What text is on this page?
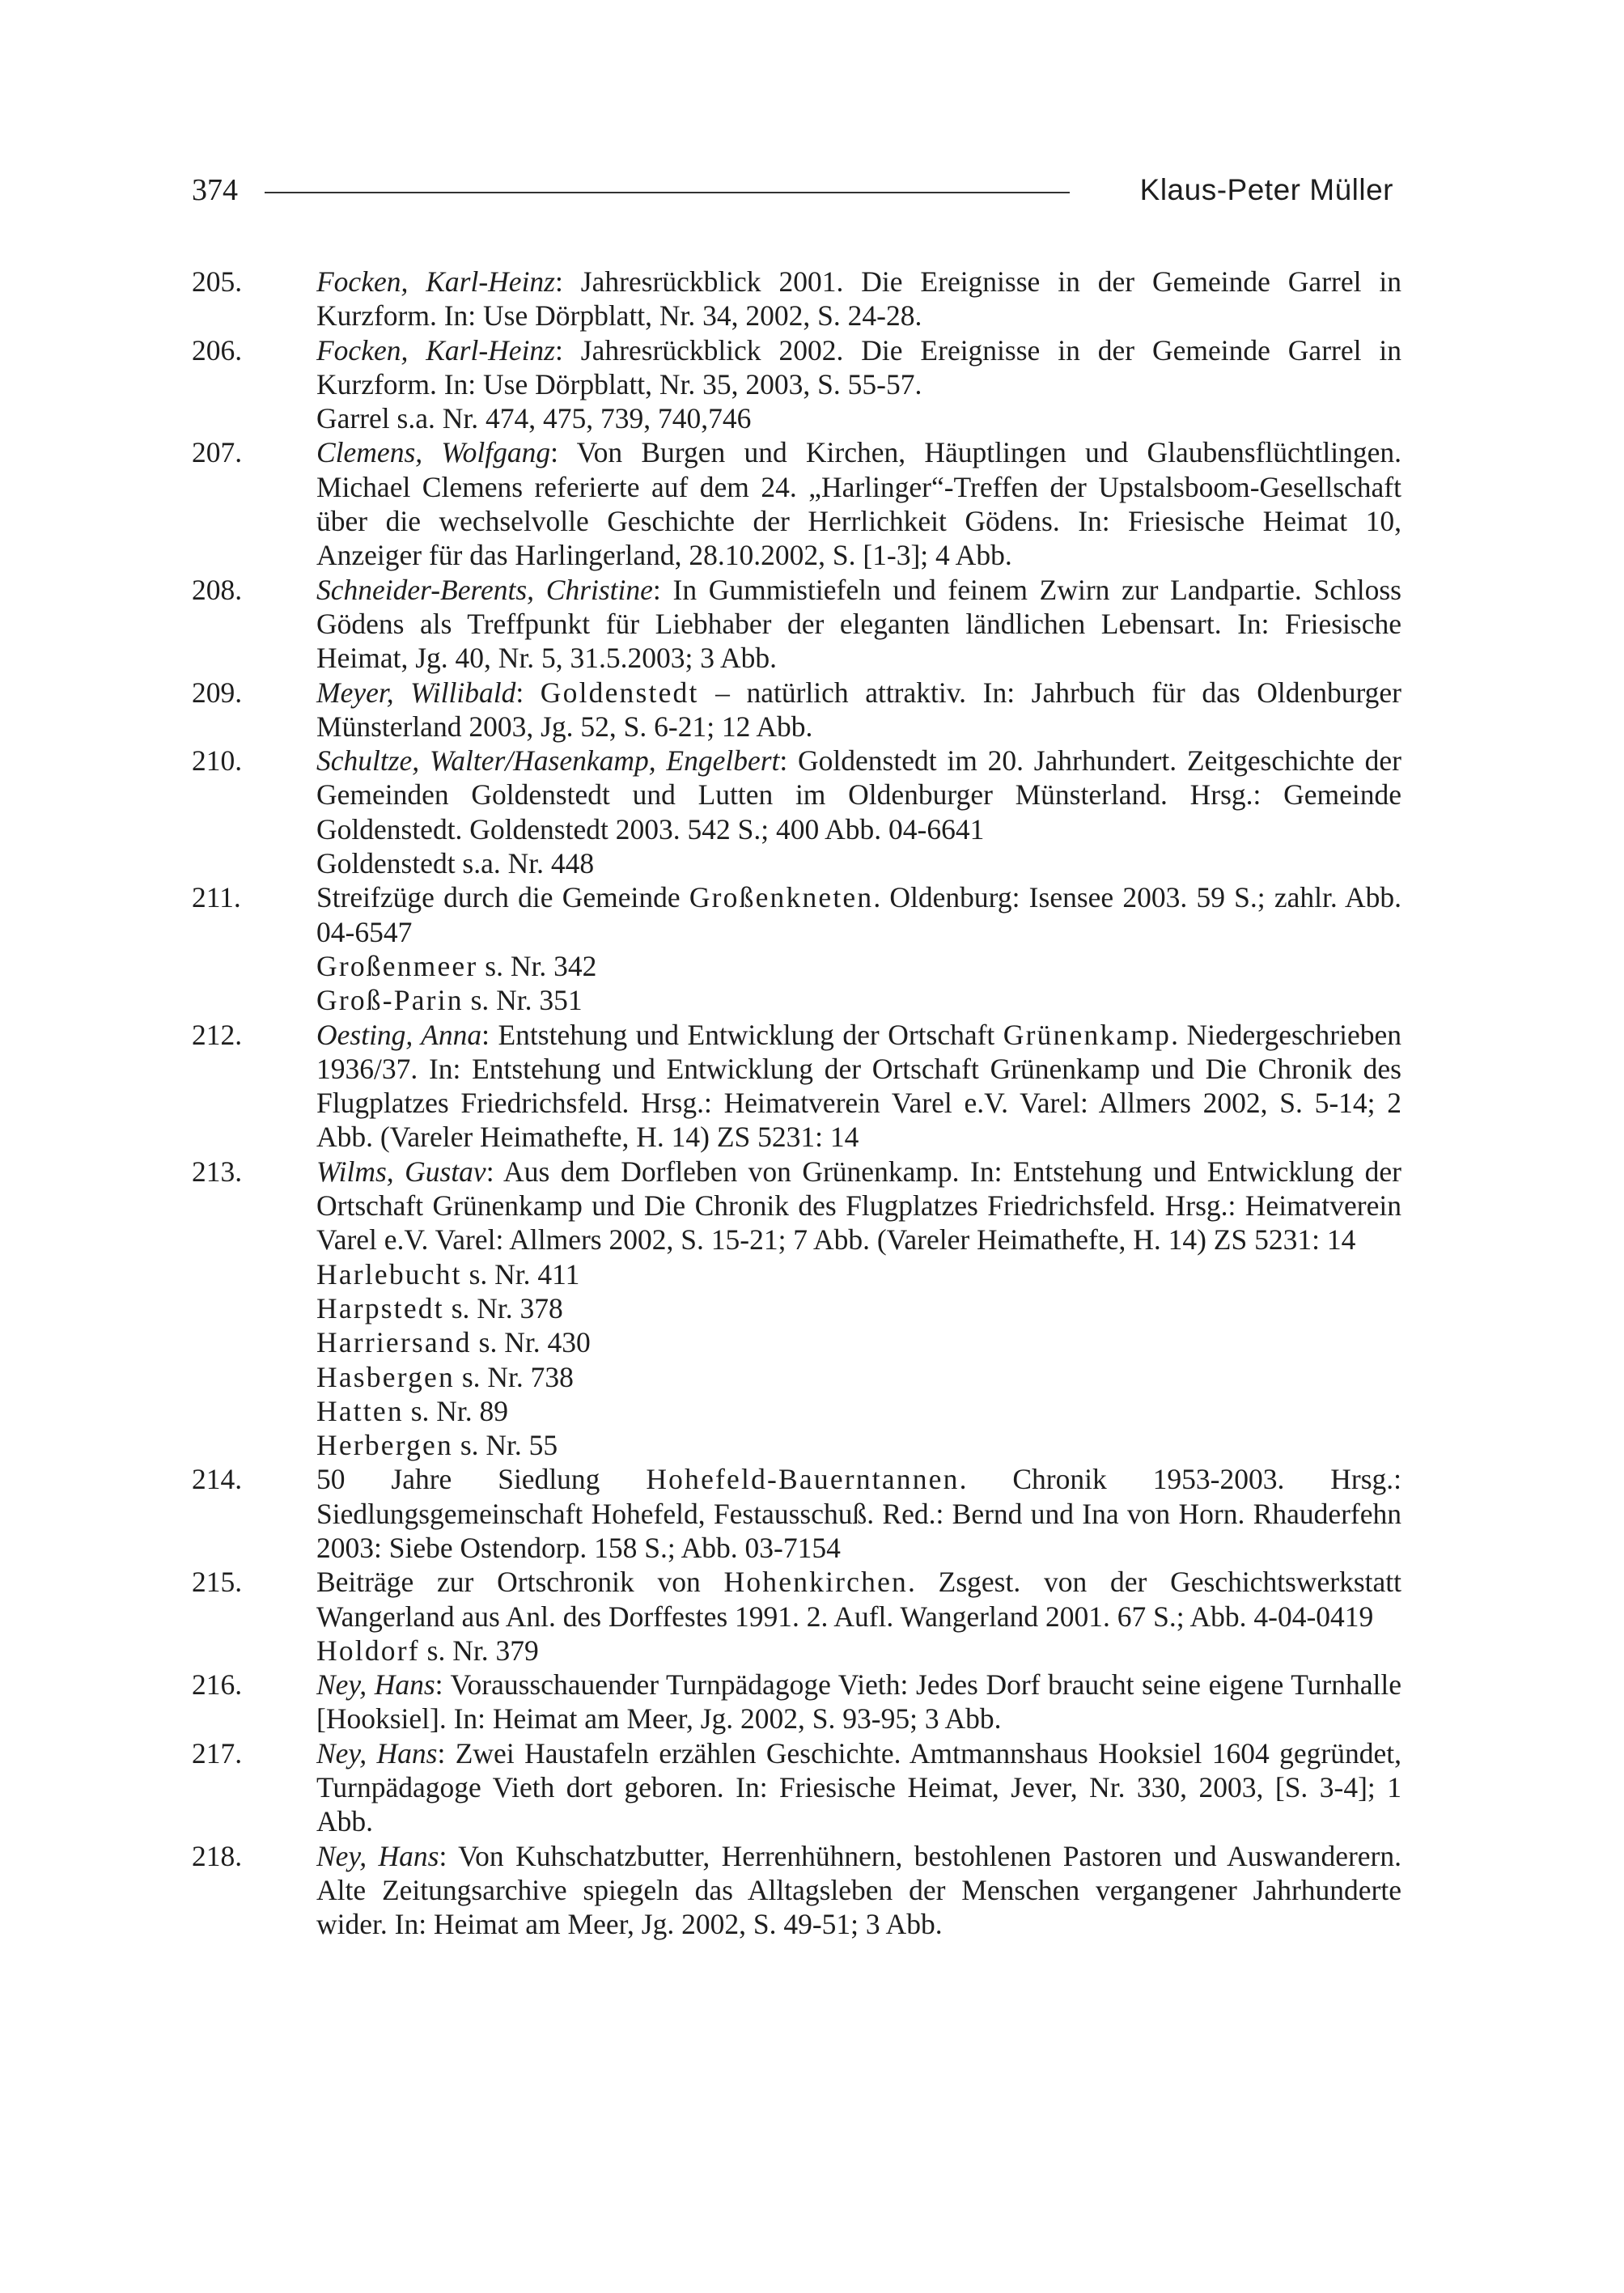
374	Klaus-Peter Müller
205.	Focken, Karl-Heinz: Jahresrückblick 2001. Die Ereignisse in der Gemeinde Garrel in Kurzform. In: Use Dörpblatt, Nr. 34, 2002, S. 24-28.
206.	Focken, Karl-Heinz: Jahresrückblick 2002. Die Ereignisse in der Gemeinde Garrel in Kurzform. In: Use Dörpblatt, Nr. 35, 2003, S. 55-57.
Garrel s.a. Nr. 474, 475, 739, 740,746
207.	Clemens, Wolfgang: Von Burgen und Kirchen, Häuptlingen und Glaubensflüchtlingen. Michael Clemens referierte auf dem 24. „Harlinger“-Treffen der Upstalsboom-Gesellschaft über die wechselvolle Geschichte der Herrlichkeit Gödens. In: Friesische Heimat 10, Anzeiger für das Harlingerland, 28.10.2002, S. [1-3]; 4 Abb.
208.	Schneider-Berents, Christine: In Gummistiefeln und feinem Zwirn zur Landpartie. Schloss Gödens als Treffpunkt für Liebhaber der eleganten ländlichen Lebensart. In: Friesische Heimat, Jg. 40, Nr. 5, 31.5.2003; 3 Abb.
209.	Meyer, Willibald: Goldenstedt – natürlich attraktiv. In: Jahrbuch für das Oldenburger Münsterland 2003, Jg. 52, S. 6-21; 12 Abb.
210.	Schultze, Walter/Hasenkamp, Engelbert: Goldenstedt im 20. Jahrhundert. Zeitgeschichte der Gemeinden Goldenstedt und Lutten im Oldenburger Münsterland. Hrsg.: Gemeinde Goldenstedt. Goldenstedt 2003. 542 S.; 400 Abb. 04-6641
Goldenstedt s.a. Nr. 448
211.	Streifzüge durch die Gemeinde Großenkneten. Oldenburg: Isensee 2003. 59 S.; zahlr. Abb. 04-6547
Großenmeer s. Nr. 342
Groß-Parin s. Nr. 351
212.	Oesting, Anna: Entstehung und Entwicklung der Ortschaft Grünenkamp. Niedergeschrieben 1936/37. In: Entstehung und Entwicklung der Ortschaft Grünenkamp und Die Chronik des Flugplatzes Friedrichsfeld. Hrsg.: Heimatverein Varel e.V. Varel: Allmers 2002, S. 5-14; 2 Abb. (Vareler Heimathefte, H. 14) ZS 5231: 14
213.	Wilms, Gustav: Aus dem Dorfleben von Grünenkamp. In: Entstehung und Entwicklung der Ortschaft Grünenkamp und Die Chronik des Flugplatzes Friedrichsfeld. Hrsg.: Heimatverein Varel e.V. Varel: Allmers 2002, S. 15-21; 7 Abb. (Vareler Heimathefte, H. 14) ZS 5231: 14
Harlebucht s. Nr. 411
Harpstedt s. Nr. 378
Harriersand s. Nr. 430
Hasbergen s. Nr. 738
Hatten s. Nr. 89
Herbergen s. Nr. 55
214.	50 Jahre Siedlung Hohefeld-Bauerntannen. Chronik 1953-2003. Hrsg.: Siedlungsgemeinschaft Hohefeld, Festausschuß. Red.: Bernd und Ina von Horn. Rhauderfehn 2003: Siebe Ostendorp. 158 S.; Abb. 03-7154
215.	Beiträge zur Ortschronik von Hohenkirchen. Zsgest. von der Geschichtswerkstatt Wangerland aus Anl. des Dorffestes 1991. 2. Aufl. Wangerland 2001. 67 S.; Abb. 4-04-0419
Holdorf s. Nr. 379
216.	Ney, Hans: Vorausschauender Turnpädagoge Vieth: Jedes Dorf braucht seine eigene Turnhalle [Hooksiel]. In: Heimat am Meer, Jg. 2002, S. 93-95; 3 Abb.
217.	Ney, Hans: Zwei Haustafeln erzählen Geschichte. Amtmannshaus Hooksiel 1604 gegründet, Turnpädagoge Vieth dort geboren. In: Friesische Heimat, Jever, Nr. 330, 2003, [S. 3-4]; 1 Abb.
218.	Ney, Hans: Von Kuhschatzbutter, Herrenhühnern, bestohlenen Pastoren und Auswanderern. Alte Zeitungsarchive spiegeln das Alltagsleben der Menschen vergangener Jahrhunderte wider. In: Heimat am Meer, Jg. 2002, S. 49-51; 3 Abb.
